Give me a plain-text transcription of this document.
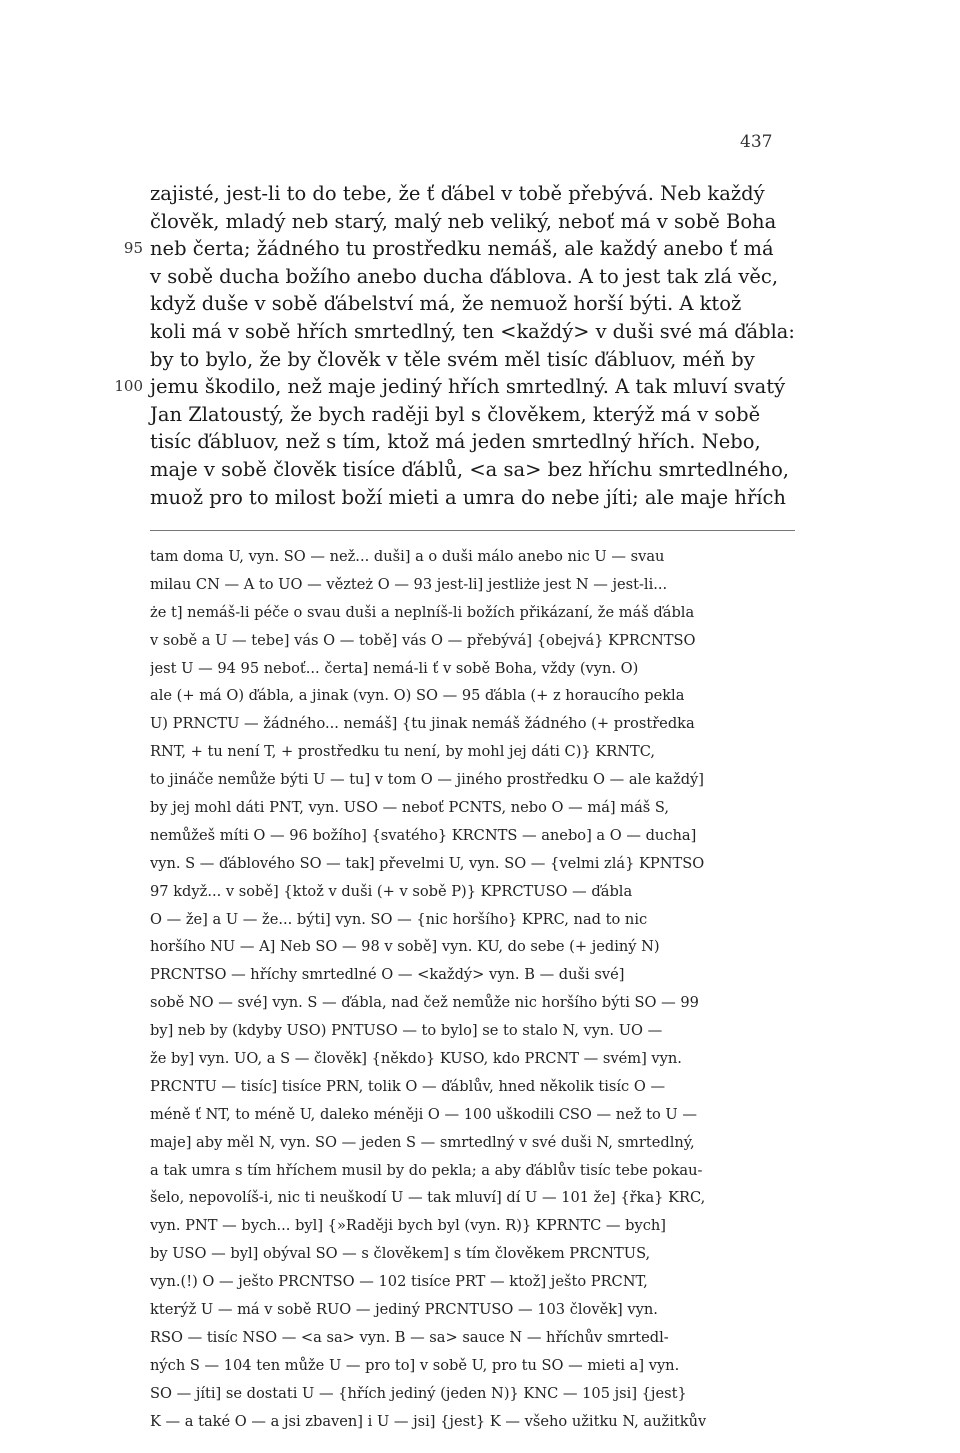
437
zajisté, jest-li to do tebe, že ť ďábel v tobě přebývá. Neb každý
člověk, mladý neb starý, malý neb veliký, neboť má v sobě Boha
95 neb čerta; žádného tu prostředku nemáš, ale každý anebo ť má
v sobě ducha božího anebo ducha ďáblova. A to jest tak zlá věc,
když duše v sobě ďábelství má, že nemuož horší býti. A ktož
koli má v sobě hřích smrtedlný, ten <každý> v duši své má ďábla:
by to bylo, že by člověk v těle svém měl tisíc ďábluov, méň by
100 jemu škodilo, než maje jediný hřích smrtedlný. A tak mluví svatý
Jan Zlatoustý, že bych raději byl s člověkem, kterýž má v sobě
tisíc ďábluov, než s tím, ktož má jeden smrtedlný hřích. Nebo,
maje v sobě člověk tisíce ďáblů, <a sa> bez hříchu smrtedlného,
muož pro to milost boží mieti a umra do nebe jíti; ale maje hřích
tam doma U, vyn. SO — než... duši] a o duši málo anebo nic U — svaumilau CN — A to UO — vězteż O — 93 jest-li] jestliże jest N — jest-li...że t] nemáš-li péče o svau duši a neplníš-li božích přikázaní, že máš ďáblav sobě a U — tebe] vás O — tobě] vás O — přebývá] {obejvá} KPRCNTSOjest U — 94 95 neboť... čerta] nemá-li ť v sobě Boha, vždy (vyn. O)ale (+ má O) ďábla, a jinak (vyn. O) SO — 95 ďábla (+ z horaucího peklaU) PRNCTU — žádného... nemáš] {tu jinak nemáš žádného (+ prostředkaRNT, + tu není T, + prostředku tu není, by mohl jej dáti C)} KRNTC,to jináče nemůže býti U — tu] v tom O — jiného prostředku O — ale každý]by jej mohl dáti PNT, vyn. USO — neboť PCNTS, nebo O — má] máš S,nemůžeš míti O — 96 božího] {svatého} KRCNTS — anebo] a O — ducha]vyn. S — ďáblového SO — tak] převelmi U, vyn. SO — {velmi zlá} KPNTSO97 když... v sobě] {ktož v duši (+ v sobě P)} KPRCTUSO — ďáblaO — že] a U — že... býti] vyn. SO — {nic horšího} KPRC, nad to nichoršího NU — A] Neb SO — 98 v sobě] vyn. KU, do sebe (+ jediný N)PRCNTSO — hříchy smrtedlné O — <každý> vyn. B — duši své]sobě NO — své] vyn. S — ďábla, nad čež nemůže nic horšího býti SO — 99by] neb by (kdyby USO) PNTUSO — to bylo] se to stalo N, vyn. UO —že by] vyn. UO, a S — člověk] {někdo} KUSO, kdo PRCNT — svém] vyn.PRCNTU — tisíc] tisíce PRN, tolik O — ďáblův, hned několik tisíc O —méně ť NT, to méně U, daleko méněji O — 100 uškodili CSO — než to U —maje] aby měl N, vyn. SO — jeden S — smrtedlný v své duši N, smrtedlný,a tak umra s tím hříchem musil by do pekla; a aby ďáblův tisíc tebe pokau-šelo, nepovolíš-i, nic ti neuškodí U — tak mluví] dí U — 101 že] {řka} KRC,vyn. PNT — bych... byl] {»Raději bych byl (vyn. R)} KPRNTC — bych]by USO — byl] obýval SO — s člověkem] s tím člověkem PRCNTUS,vyn.(!) O — ješto PRCNTSO — 102 tisíce PRT — ktož] ješto PRCNT,kterýž U — má v sobě RUO — jediný PRCNTUSO — 103 člověk] vyn.RSO — tisíc NSO — <a sa> vyn. B — sa> sauce N — hříchův smrtedl-ných S — 104 ten může U — pro to] v sobě U, pro tu SO — mieti a] vyn.SO — jíti] se dostati U — {hřích jediný (jeden N)} KNC — 105 jsi] {jest}K — a také O — a jsi zbaven] i U — jsi] {jest} K — všeho užitku N, aužitkův
